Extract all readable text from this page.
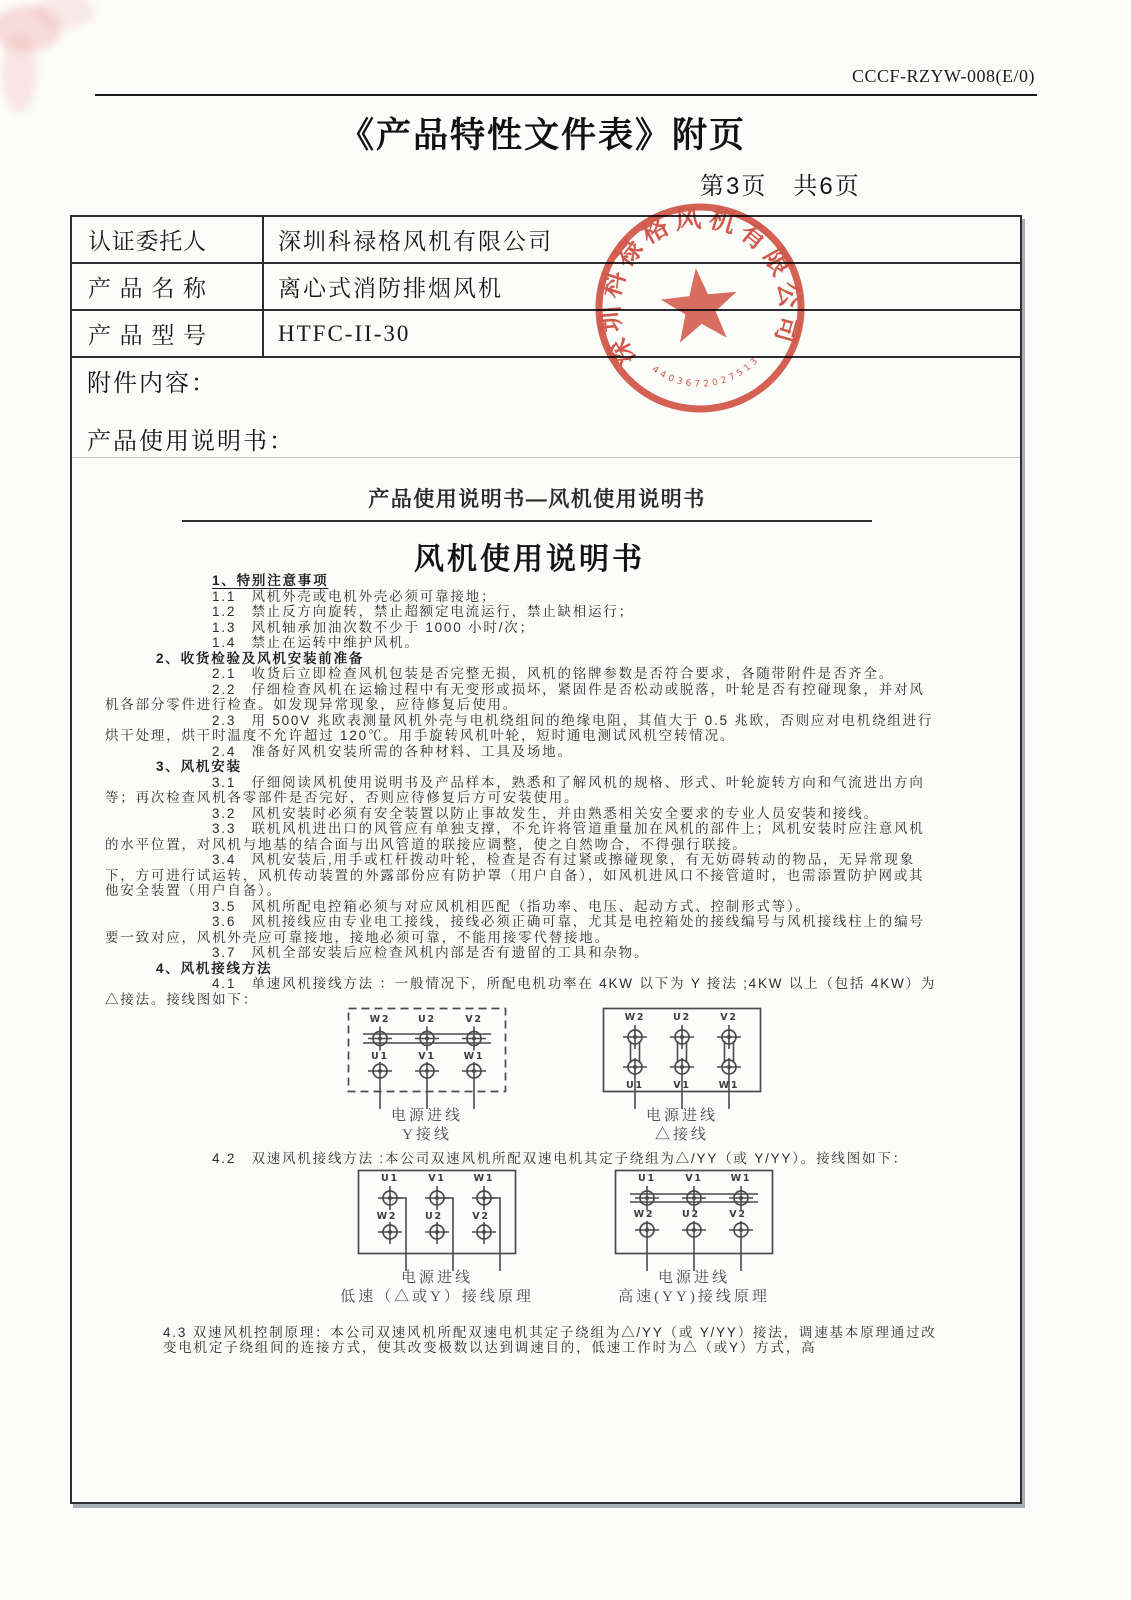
CCCF-RZYW-008(E/0)
《产品特性文件表》附页
第3页　共6页
认证委托人	深圳科禄格风机有限公司
产品名称	离心式消防排烟风机
产品型号	HTFC-II-30
附件内容：
产品使用说明书：
产品使用说明书—风机使用说明书
风机使用说明书

1、特别注意事项

1.1　风机外壳或电机外壳必须可靠接地；

1.2　禁止反方向旋转，禁止超额定电流运行，禁止缺相运行；

1.3　风机轴承加油次数不少于 1000 小时/次；

1.4　禁止在运转中维护风机。

2、收货检验及风机安装前准备

2.1　收货后立即检查风机包装是否完整无损，风机的铭牌参数是否符合要求，各随带附件是否齐全。

2.2　仔细检查风机在运输过程中有无变形或损坏，紧固件是否松动或脱落，叶轮是否有控碰现象，并对风机各部分零件进行检查。如发现异常现象，应待修复后使用。

2.3　用 500V 兆欧表测量风机外壳与电机绕组间的绝缘电阻，其值大于 0.5 兆欧，否则应对电机绕组进行烘干处理，烘干时温度不允许超过 120℃。用手旋转风机叶轮，短时通电测试风机空转情况。

2.4　准备好风机安装所需的各种材料、工具及场地。

3、风机安装

3.1　仔细阅读风机使用说明书及产品样本，熟悉和了解风机的规格、形式、叶轮旋转方向和气流进出方向等；再次检查风机各零部件是否完好，否则应待修复后方可安装使用。

3.2　风机安装时必须有安全装置以防止事故发生，并由熟悉相关安全要求的专业人员安装和接线。

3.3　联机风机进出口的风管应有单独支撑，不允许将管道重量加在风机的部件上；风机安装时应注意风机的水平位置，对风机与地基的结合面与出风管道的联接应调整，使之自然吻合，不得强行联接。

3.4　风机安装后,用手或杠杆拨动叶轮，检查是否有过紧或擦碰现象，有无妨碍转动的物品，无异常现象下，方可进行试运转，风机传动装置的外露部份应有防护罩（用户自备），如风机进风口不接管道时，也需添置防护网或其他安全装置（用户自备）。

3.5　风机所配电控箱必须与对应风机相匹配（指功率、电压、起动方式、控制形式等）。

3.6　风机接线应由专业电工接线，接线必须正确可靠，尤其是电控箱处的接线编号与风机接线柱上的编号要一致对应，风机外壳应可靠接地，接地必须可靠，不能用接零代替接地。

3.7　风机全部安装后应检查风机内部是否有遗留的工具和杂物。

4、风机接线方法

4.1　单速风机接线方法 ：一般情况下，所配电机功率在 4KW 以下为 Y 接法 ;4KW 以上（包括 4KW）为△接法。接线图如下：

W2	U2	V2
U1	V1	W1
电源进线
Y接线
W2	U2	V2
U1	V1	W1
电源进线
△接线

4.2　双速风机接线方法 :本公司双速风机所配双速电机其定子绕组为△/YY（或 Y/YY）。接线图如下：

U1	V1	W1
W2	U2	V2
电源进线
低速（△或Y）接线原理
U1	V1	W1
W2	U2	V2
电源进线
高速(YY)接线原理

4.3 双速风机控制原理：本公司双速风机所配双速电机其定子绕组为△/YY（或 Y/YY）接法，调速基本原理通过改变电机定子绕组间的连接方式，使其改变极数以达到调速目的，低速工作时为△（或Y）方式，高

深圳科禄格风机有限公司
4403672027513
